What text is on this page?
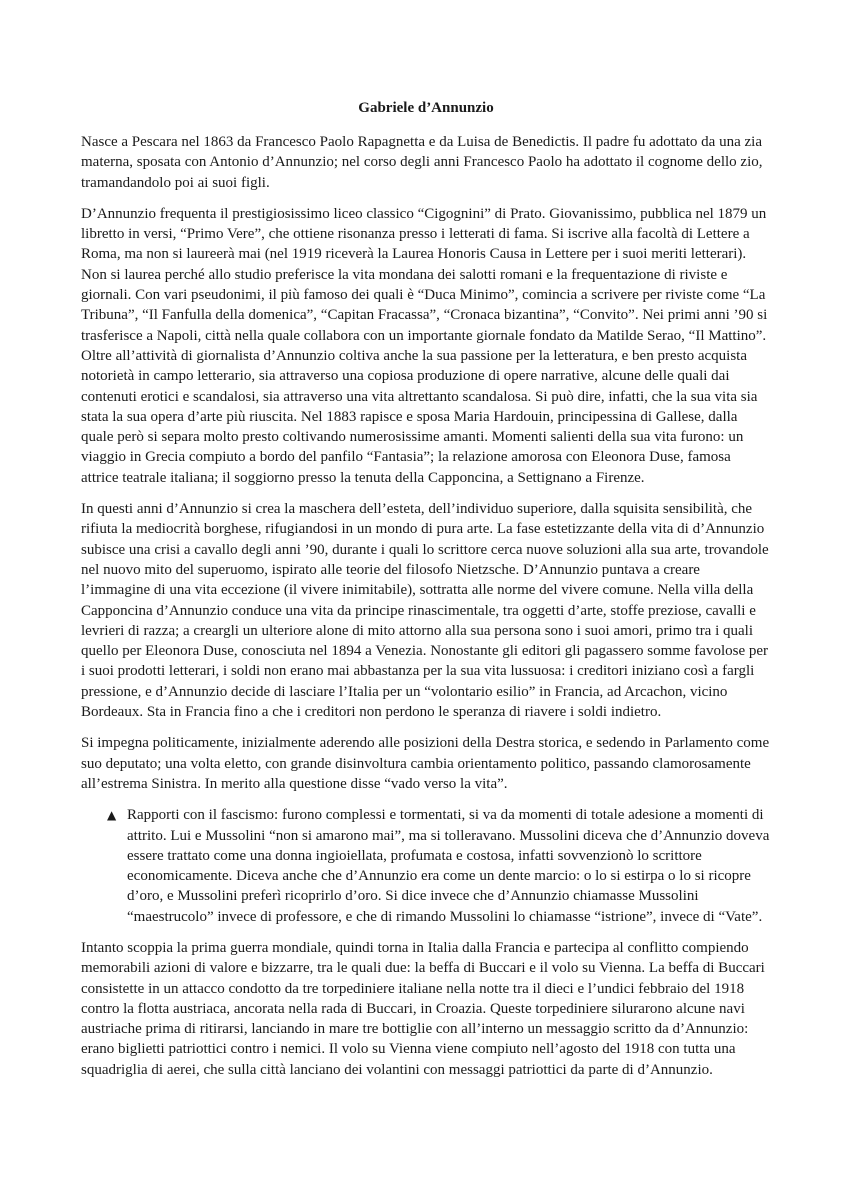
Gabriele d’Annunzio

Nasce a Pescara nel 1863 da Francesco Paolo Rapagnetta e da Luisa de Benedictis. Il padre fu adottato da una zia materna, sposata con Antonio d’Annunzio; nel corso degli anni Francesco Paolo ha adottato il cognome dello zio, tramandandolo poi ai suoi figli.

D’Annunzio frequenta il prestigiosissimo liceo classico “Cigognini” di Prato. Giovanissimo, pubblica nel 1879 un libretto in versi, “Primo Vere”, che ottiene risonanza presso i letterati di fama. Si iscrive alla facoltà di Lettere a Roma, ma non si laureerà mai (nel 1919 riceverà la Laurea Honoris Causa in Lettere per i suoi meriti letterari). Non si laurea perché allo studio preferisce la vita mondana dei salotti romani e la frequentazione di riviste e giornali. Con vari pseudonimi, il più famoso dei quali è “Duca Minimo”, comincia a scrivere per riviste come “La Tribuna”, “Il Fanfulla della domenica”, “Capitan Fracassa”, “Cronaca bizantina”, “Convito”. Nei primi anni ’90 si trasferisce a Napoli, città nella quale collabora con un importante giornale fondato da Matilde Serao, “Il Mattino”. Oltre all’attività di giornalista d’Annunzio coltiva anche la sua passione per la letteratura, e ben presto acquista notorietà in campo letterario, sia attraverso una copiosa produzione di opere narrative, alcune delle quali dai contenuti erotici e scandalosi, sia attraverso una vita altrettanto scandalosa. Si può dire, infatti, che la sua vita sia stata la sua opera d’arte più riuscita. Nel 1883 rapisce e sposa Maria Hardouin, principessina di Gallese, dalla quale però si separa molto presto coltivando numerosissime amanti. Momenti salienti della sua vita furono: un viaggio in Grecia compiuto a bordo del panfilo “Fantasia”; la relazione amorosa con Eleonora Duse, famosa attrice teatrale italiana; il soggiorno presso la tenuta della Capponcina, a Settignano a Firenze.

In questi anni d’Annunzio si crea la maschera dell’esteta, dell’individuo superiore, dalla squisita sensibilità, che rifiuta la mediocrità borghese, rifugiandosi in un mondo di pura arte. La fase estetizzante della vita di d’Annunzio subisce una crisi a cavallo degli anni ’90, durante i quali lo scrittore cerca nuove soluzioni alla sua arte, trovandole nel nuovo mito del superuomo, ispirato alle teorie del filosofo Nietzsche. D’Annunzio puntava a creare l’immagine di una vita eccezione (il vivere inimitabile), sottratta alle norme del vivere comune. Nella villa della Capponcina d’Annunzio conduce una vita da principe rinascimentale, tra oggetti d’arte, stoffe preziose, cavalli e levrieri di razza; a creargli un ulteriore alone di mito attorno alla sua persona sono i suoi amori, primo tra i quali quello per Eleonora Duse, conosciuta nel 1894 a Venezia. Nonostante gli editori gli pagassero somme favolose per i suoi prodotti letterari, i soldi non erano mai abbastanza per la sua vita lussuosa: i creditori iniziano così a fargli pressione, e d’Annunzio decide di lasciare l’Italia per un “volontario esilio” in Francia, ad Arcachon, vicino Bordeaux. Sta in Francia fino a che i creditori non perdono le speranza di riavere i soldi indietro.

Si impegna politicamente, inizialmente aderendo alle posizioni della Destra storica, e sedendo in Parlamento come suo deputato; una volta eletto, con grande disinvoltura cambia orientamento politico, passando clamorosamente all’estrema Sinistra. In merito alla questione disse “vado verso la vita”.

▲ Rapporti con il fascismo: furono complessi e tormentati, si va da momenti di totale adesione a momenti di attrito. Lui e Mussolini “non si amarono mai”, ma si tolleravano. Mussolini diceva che d’Annunzio doveva essere trattato come una donna ingioiellata, profumata e costosa, infatti sovvenzionò lo scrittore economicamente. Diceva anche che d’Annunzio era come un dente marcio: o lo si estirpa o lo si ricopre d’oro, e Mussolini preferì ricoprirlo d’oro. Si dice invece che d’Annunzio chiamasse Mussolini “maestrucolo” invece di professore, e che di rimando Mussolini lo chiamasse “istrione”, invece di “Vate”.

Intanto scoppia la prima guerra mondiale, quindi torna in Italia dalla Francia e partecipa al conflitto compiendo memorabili azioni di valore e bizzarre, tra le quali due: la beffa di Buccari e il volo su Vienna. La beffa di Buccari consistette in un attacco condotto da tre torpediniere italiane nella notte tra il dieci e l’undici febbraio del 1918 contro la flotta austriaca, ancorata nella rada di Buccari, in Croazia. Queste torpediniere silurarono alcune navi austriache prima di ritirarsi, lanciando in mare tre bottiglie con all’interno un messaggio scritto da d’Annunzio: erano biglietti patriottici contro i nemici. Il volo su Vienna viene compiuto nell’agosto del 1918 con tutta una squadriglia di aerei, che sulla città lanciano dei volantini con messaggi patriottici da parte di d’Annunzio.
